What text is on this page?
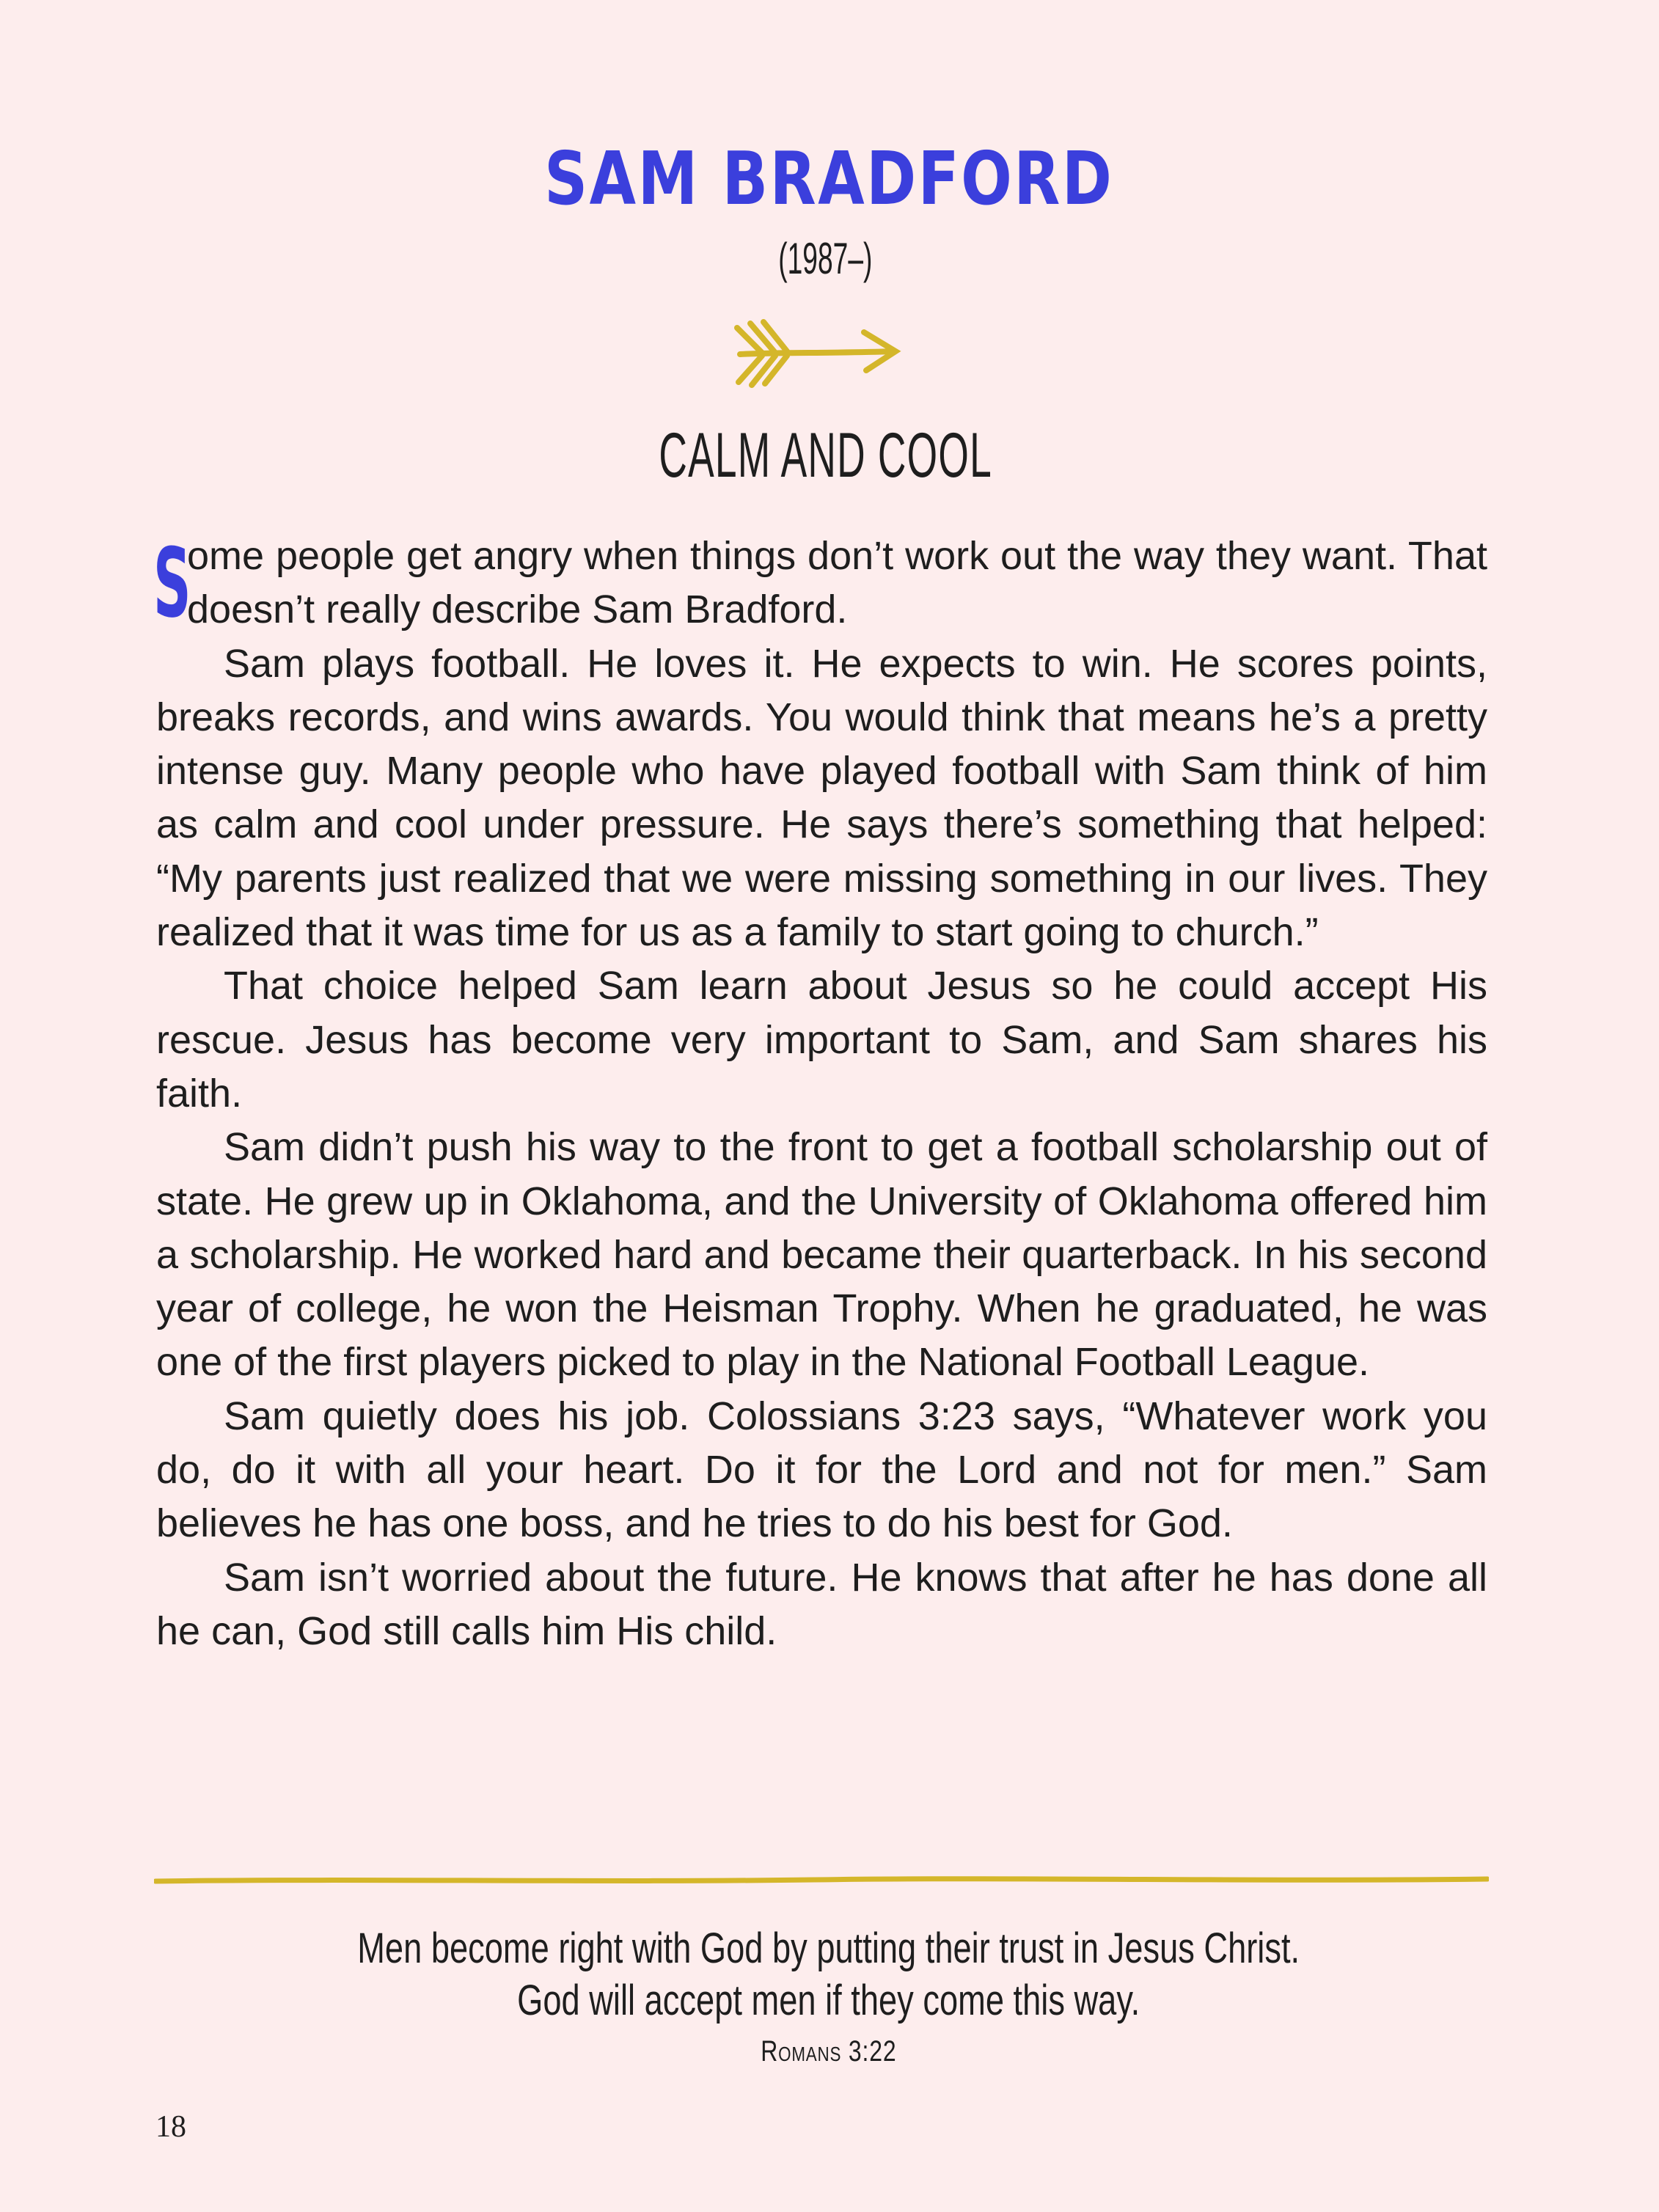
SAM BRADFORD
(1987–)
CALM AND COOL

S
ome people get angry when things don’t work out the way they want. That doesn’t really describe Sam Bradford.

Sam plays football. He loves it. He expects to win. He scores points, breaks records, and wins awards. You would think that means he’s a pretty intense guy. Many people who have played football with Sam think of him as calm and cool under pressure. He says there’s something that helped: “My parents just realized that we were missing something in our lives. They realized that it was time for us as a family to start going to church.”

That choice helped Sam learn about Jesus so he could accept His rescue. Jesus has become very important to Sam, and Sam shares his faith.

Sam didn’t push his way to the front to get a football scholarship out of state. He grew up in Oklahoma, and the University of Oklahoma offered him a scholarship. He worked hard and became their quarterback. In his second year of college, he won the Heisman Trophy. When he graduated, he was one of the first players picked to play in the National Football League.

Sam quietly does his job. Colossians 3:23 says, “Whatever work you do, do it with all your heart. Do it for the Lord and not for men.” Sam believes he has one boss, and he tries to do his best for God.

Sam isn’t worried about the future. He knows that after he has done all he can, God still calls him His child.

Men become right with God by putting their trust in Jesus Christ.
God will accept men if they come this way.
Romans 3:22
18
